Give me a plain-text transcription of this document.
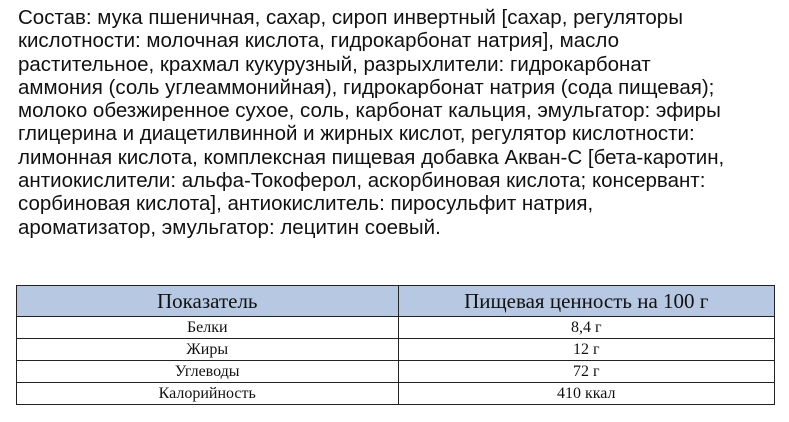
Состав: мука пшеничная, сахар, сироп инвертный [сахар, регуляторы
кислотности: молочная кислота, гидрокарбонат натрия], масло
растительное, крахмал кукурузный, разрыхлители: гидрокарбонат
аммония (соль углеаммонийная), гидрокарбонат натрия (сода пищевая);
молоко обезжиренное сухое, соль, карбонат кальция, эмульгатор: эфиры
глицерина и диацетилвинной и жирных кислот, регулятор кислотности:
лимонная кислота, комплексная пищевая добавка Акван-С [бета-каротин,
антиокислители: альфа-Токоферол, аскорбиновая кислота; консервант:
сорбиновая кислота], антиокислитель: пиросульфит натрия,
ароматизатор, эмульгатор: лецитин соевый.
Показатель	Пищевая ценность на 100 г
Белки	8,4 г
Жиры	12 г
Углеводы	72 г
Калорийность	410 ккал
